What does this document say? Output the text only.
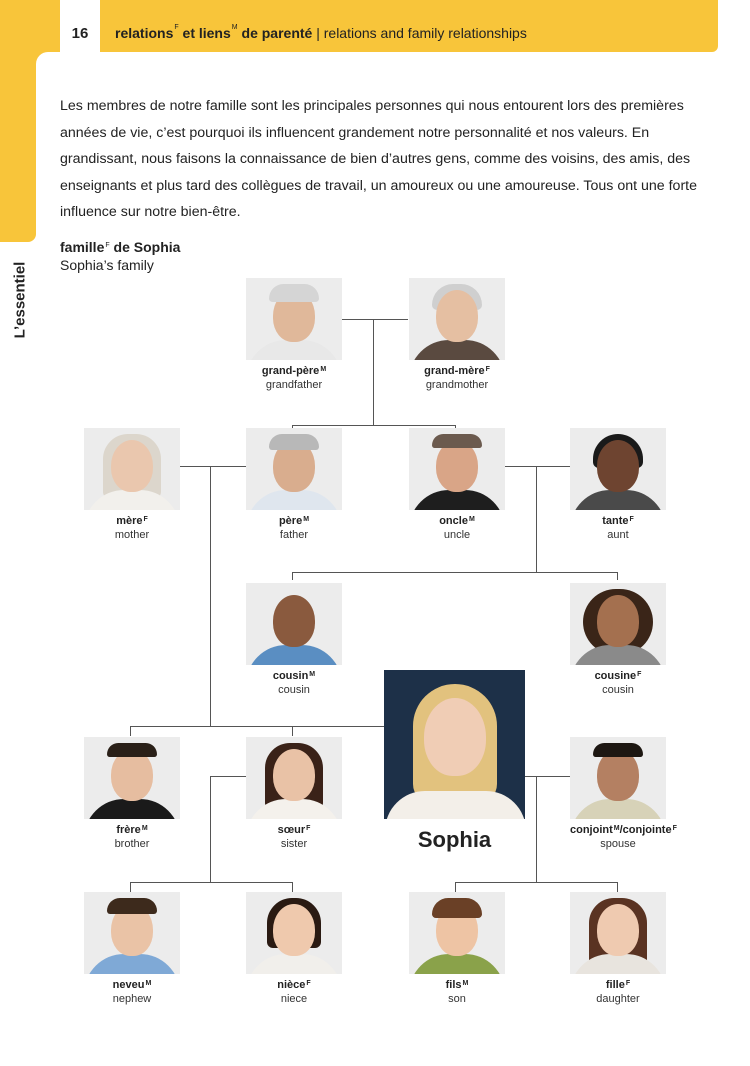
16	relations$^F$ et liens$^M$ de parenté | relations and family relationships
L’essentiel
Les membres de notre famille sont les principales personnes qui nous entourent lors des premières années de vie, c’est pourquoi ils influencent grandement notre personnalité et nos valeurs. En grandissant, nous faisons la connaissance de bien d’autres gens, comme des voisins, des amis, des enseignants et plus tard des collègues de travail, un amoureux ou une amoureuse. Tous ont une forte influence sur notre bien-être.
famille$^F$ de Sophia
Sophia’s family
grand-père$^M$
grandfather
grand-mère$^F$
grandmother
mère$^F$
mother
père$^M$
father
oncle$^M$
uncle
tante$^F$
aunt
cousin$^M$
cousin
cousine$^F$
cousin
Sophia
frère$^M$
brother
sœur$^F$
sister
conjoint$^M$/conjointe$^F$
spouse
neveu$^M$
nephew
nièce$^F$
niece
fils$^M$
son
fille$^F$
daughter
